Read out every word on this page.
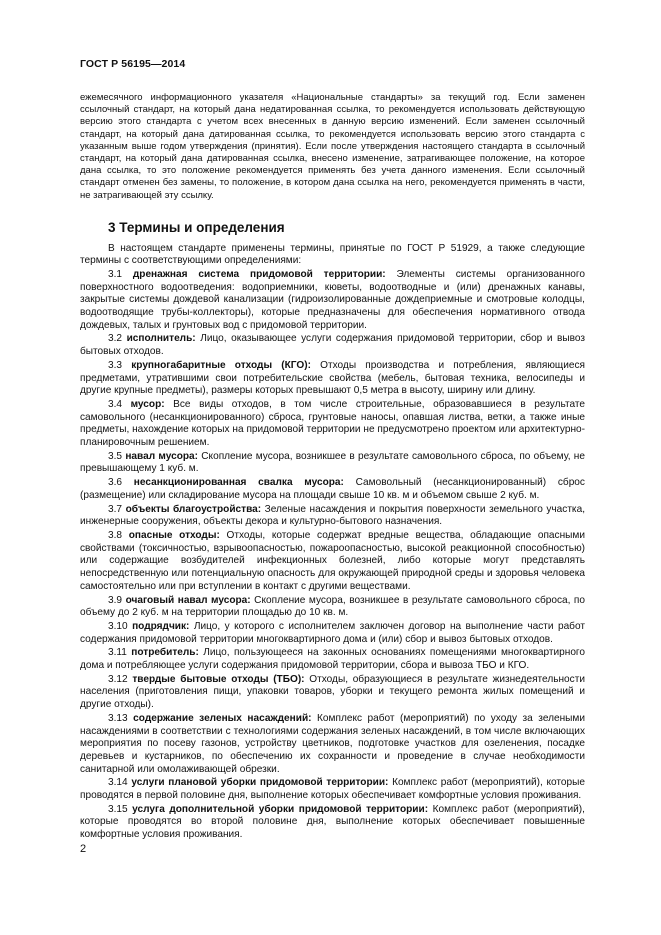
ГОСТ Р 56195—2014

ежемесячного информационного указателя «Национальные стандарты» за текущий год. Если заменен ссылочный стандарт, на который дана недатированная ссылка, то рекомендуется использовать действующую версию этого стандарта с учетом всех внесенных в данную версию изменений. Если заменен ссылочный стандарт, на который дана датированная ссылка, то рекомендуется использовать версию этого стандарта с указанным выше годом утверждения (принятия). Если после утверждения настоящего стандарта в ссылочный стандарт, на который дана датированная ссылка, внесено изменение, затрагивающее положение, на которое дана ссылка, то это положение рекомендуется применять без учета данного изменения. Если ссылочный стандарт отменен без замены, то положение, в котором дана ссылка на него, рекомендуется применять в части, не затрагивающей эту ссылку.

3 Термины и определения

В настоящем стандарте применены термины, принятые по ГОСТ Р 51929, а также следующие термины с соответствующими определениями:

3.1 дренажная система придомовой территории: Элементы системы организованного поверхностного водоотведения: водоприемники, кюветы, водоотводные и (или) дренажных канавы, закрытые системы дождевой канализации (гидроизолированные дождеприемные и смотровые колодцы, водоотводящие трубы-коллекторы), которые предназначены для обеспечения нормативного отвода дождевых, талых и грунтовых вод с придомовой территории.

3.2 исполнитель: Лицо, оказывающее услуги содержания придомовой территории, сбор и вывоз бытовых отходов.

3.3 крупногабаритные отходы (КГО): Отходы производства и потребления, являющиеся предметами, утратившими свои потребительские свойства (мебель, бытовая техника, велосипеды и другие крупные предметы), размеры которых превышают 0,5 метра в высоту, ширину или длину.

3.4 мусор: Все виды отходов, в том числе строительные, образовавшиеся в результате самовольного (несанкционированного) сброса, грунтовые наносы, опавшая листва, ветки, а также иные предметы, нахождение которых на придомовой территории не предусмотрено проектом или архитектурно-планировочным решением.

3.5 навал мусора: Скопление мусора, возникшее в результате самовольного сброса, по объему, не превышающему 1 куб. м.

3.6 несанкционированная свалка мусора: Самовольный (несанкционированный) сброс (размещение) или складирование мусора на площади свыше 10 кв. м и объемом свыше 2 куб. м.

3.7 объекты благоустройства: Зеленые насаждения и покрытия поверхности земельного участка, инженерные сооружения, объекты декора и культурно-бытового назначения.

3.8 опасные отходы: Отходы, которые содержат вредные вещества, обладающие опасными свойствами (токсичностью, взрывоопасностью, пожароопасностью, высокой реакционной способностью) или содержащие возбудителей инфекционных болезней, либо которые могут представлять непосредственную или потенциальную опасность для окружающей природной среды и здоровья человека самостоятельно или при вступлении в контакт с другими веществами.

3.9 очаговый навал мусора: Скопление мусора, возникшее в результате самовольного сброса, по объему до 2 куб. м на территории площадью до 10 кв. м.

3.10 подрядчик: Лицо, у которого с исполнителем заключен договор на выполнение части работ содержания придомовой территории многоквартирного дома и (или) сбор и вывоз бытовых отходов.

3.11 потребитель: Лицо, пользующееся на законных основаниях помещениями многоквартирного дома и потребляющее услуги содержания придомовой территории, сбора и вывоза ТБО и КГО.

3.12 твердые бытовые отходы (ТБО): Отходы, образующиеся в результате жизнедеятельности населения (приготовления пищи, упаковки товаров, уборки и текущего ремонта жилых помещений и другие отходы).

3.13 содержание зеленых насаждений: Комплекс работ (мероприятий) по уходу за зелеными насаждениями в соответствии с технологиями содержания зеленых насаждений, в том числе включающих мероприятия по посеву газонов, устройству цветников, подготовке участков для озеленения, посадке деревьев и кустарников, по обеспечению их сохранности и проведение в случае необходимости санитарной или омолаживающей обрезки.

3.14 услуги плановой уборки придомовой территории: Комплекс работ (мероприятий), которые проводятся в первой половине дня, выполнение которых обеспечивает комфортные условия проживания.

3.15 услуга дополнительной уборки придомовой территории: Комплекс работ (мероприятий), которые проводятся во второй половине дня, выполнение которых обеспечивает повышенные комфортные условия проживания.

2
